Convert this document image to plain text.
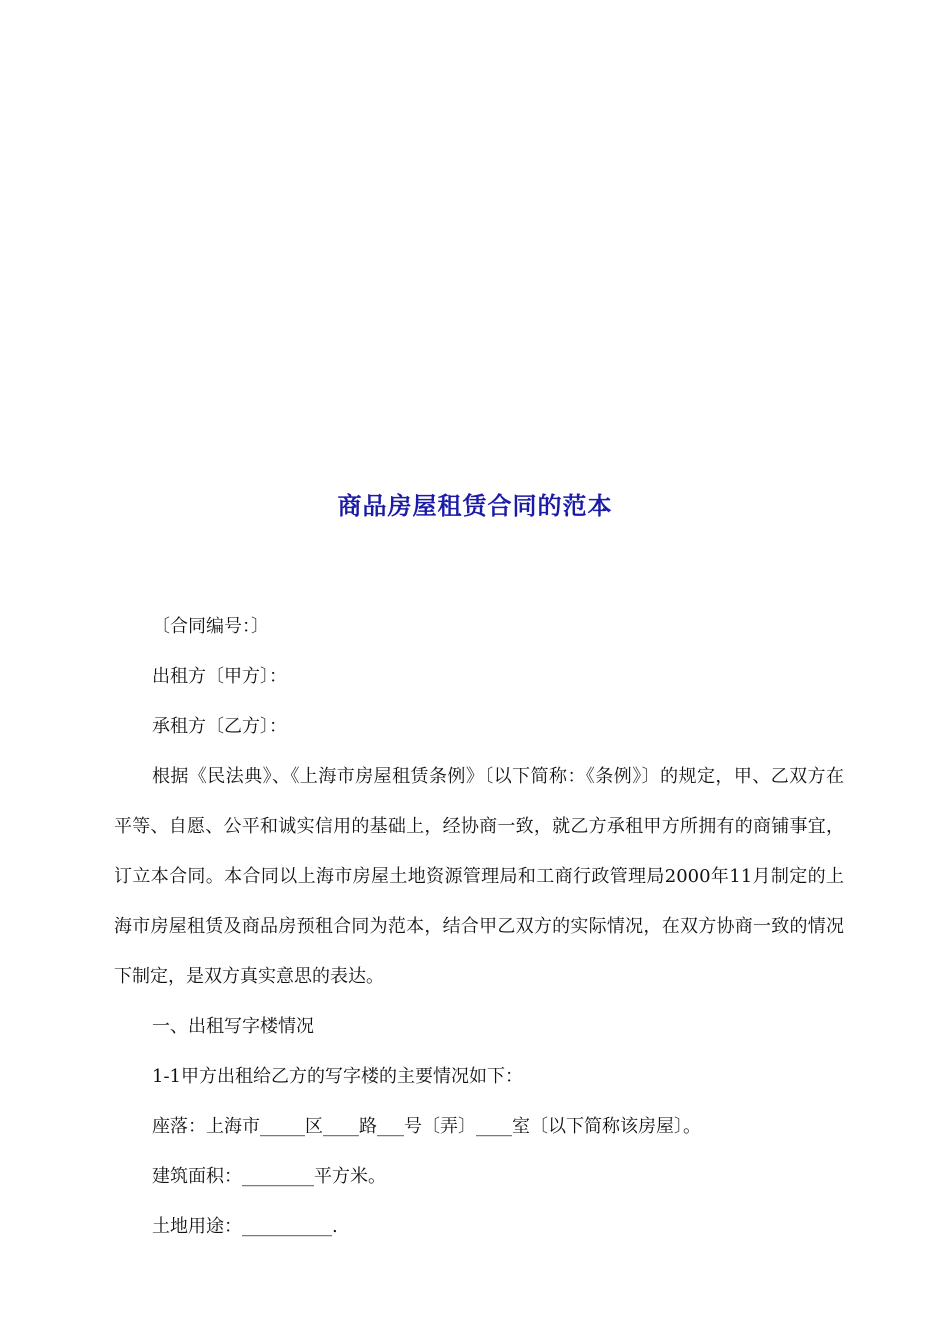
商品房屋租赁合同的范本

〔合同编号：〕

出租方〔甲方〕：

承租方〔乙方〕：

根据《民法典》、《上海市房屋租赁条例》〔以下简称：《条例》〕的规定，甲、乙双方在平等、自愿、公平和诚实信用的基础上，经协商一致，就乙方承租甲方所拥有的商铺事宜，订立本合同。本合同以上海市房屋土地资源管理局和工商行政管理局2000年11月制定的上海市房屋租赁及商品房预租合同为范本，结合甲乙双方的实际情况，在双方协商一致的情况下制定，是双方真实意思的表达。

一、出租写字楼情况

1-1甲方出租给乙方的写字楼的主要情况如下：

座落：上海市_____区____路___号〔弄〕____室〔以下简称该房屋〕。

建筑面积：________平方米。

土地用途：__________.
